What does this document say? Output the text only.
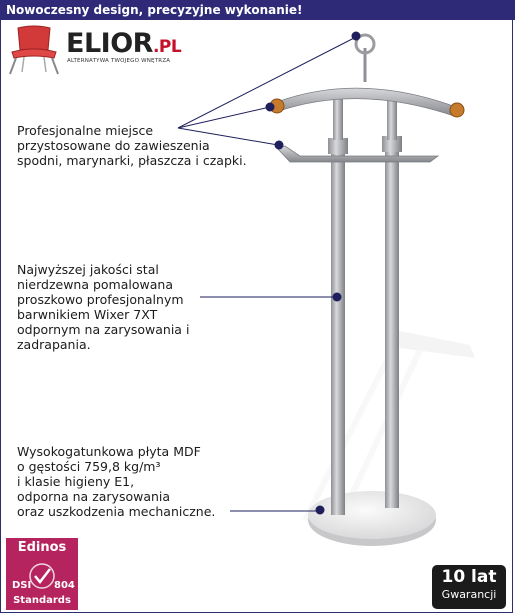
Nowoczesny design, precyzyjne wykonanie!
ELIOR.PL
ALTERNATYWA TWOJEGO WNĘTRZA
Profesjonalne miejsce
przystosowane do zawieszenia
spodni, marynarki, płaszcza i czapki.
Najwyższej jakości stal
nierdzewna pomalowana
proszkowo profesjonalnym
barwnikiem Wixer 7XT
odpornym na zarysowania i
zadrapania.
Wysokogatunkowa płyta MDF
o gęstości 759,8 kg/m³
i klasie higieny E1,
odporna na zarysowania
oraz uszkodzenia mechaniczne.
Edinos
DSI 804
Standards
10 lat
Gwarancji
